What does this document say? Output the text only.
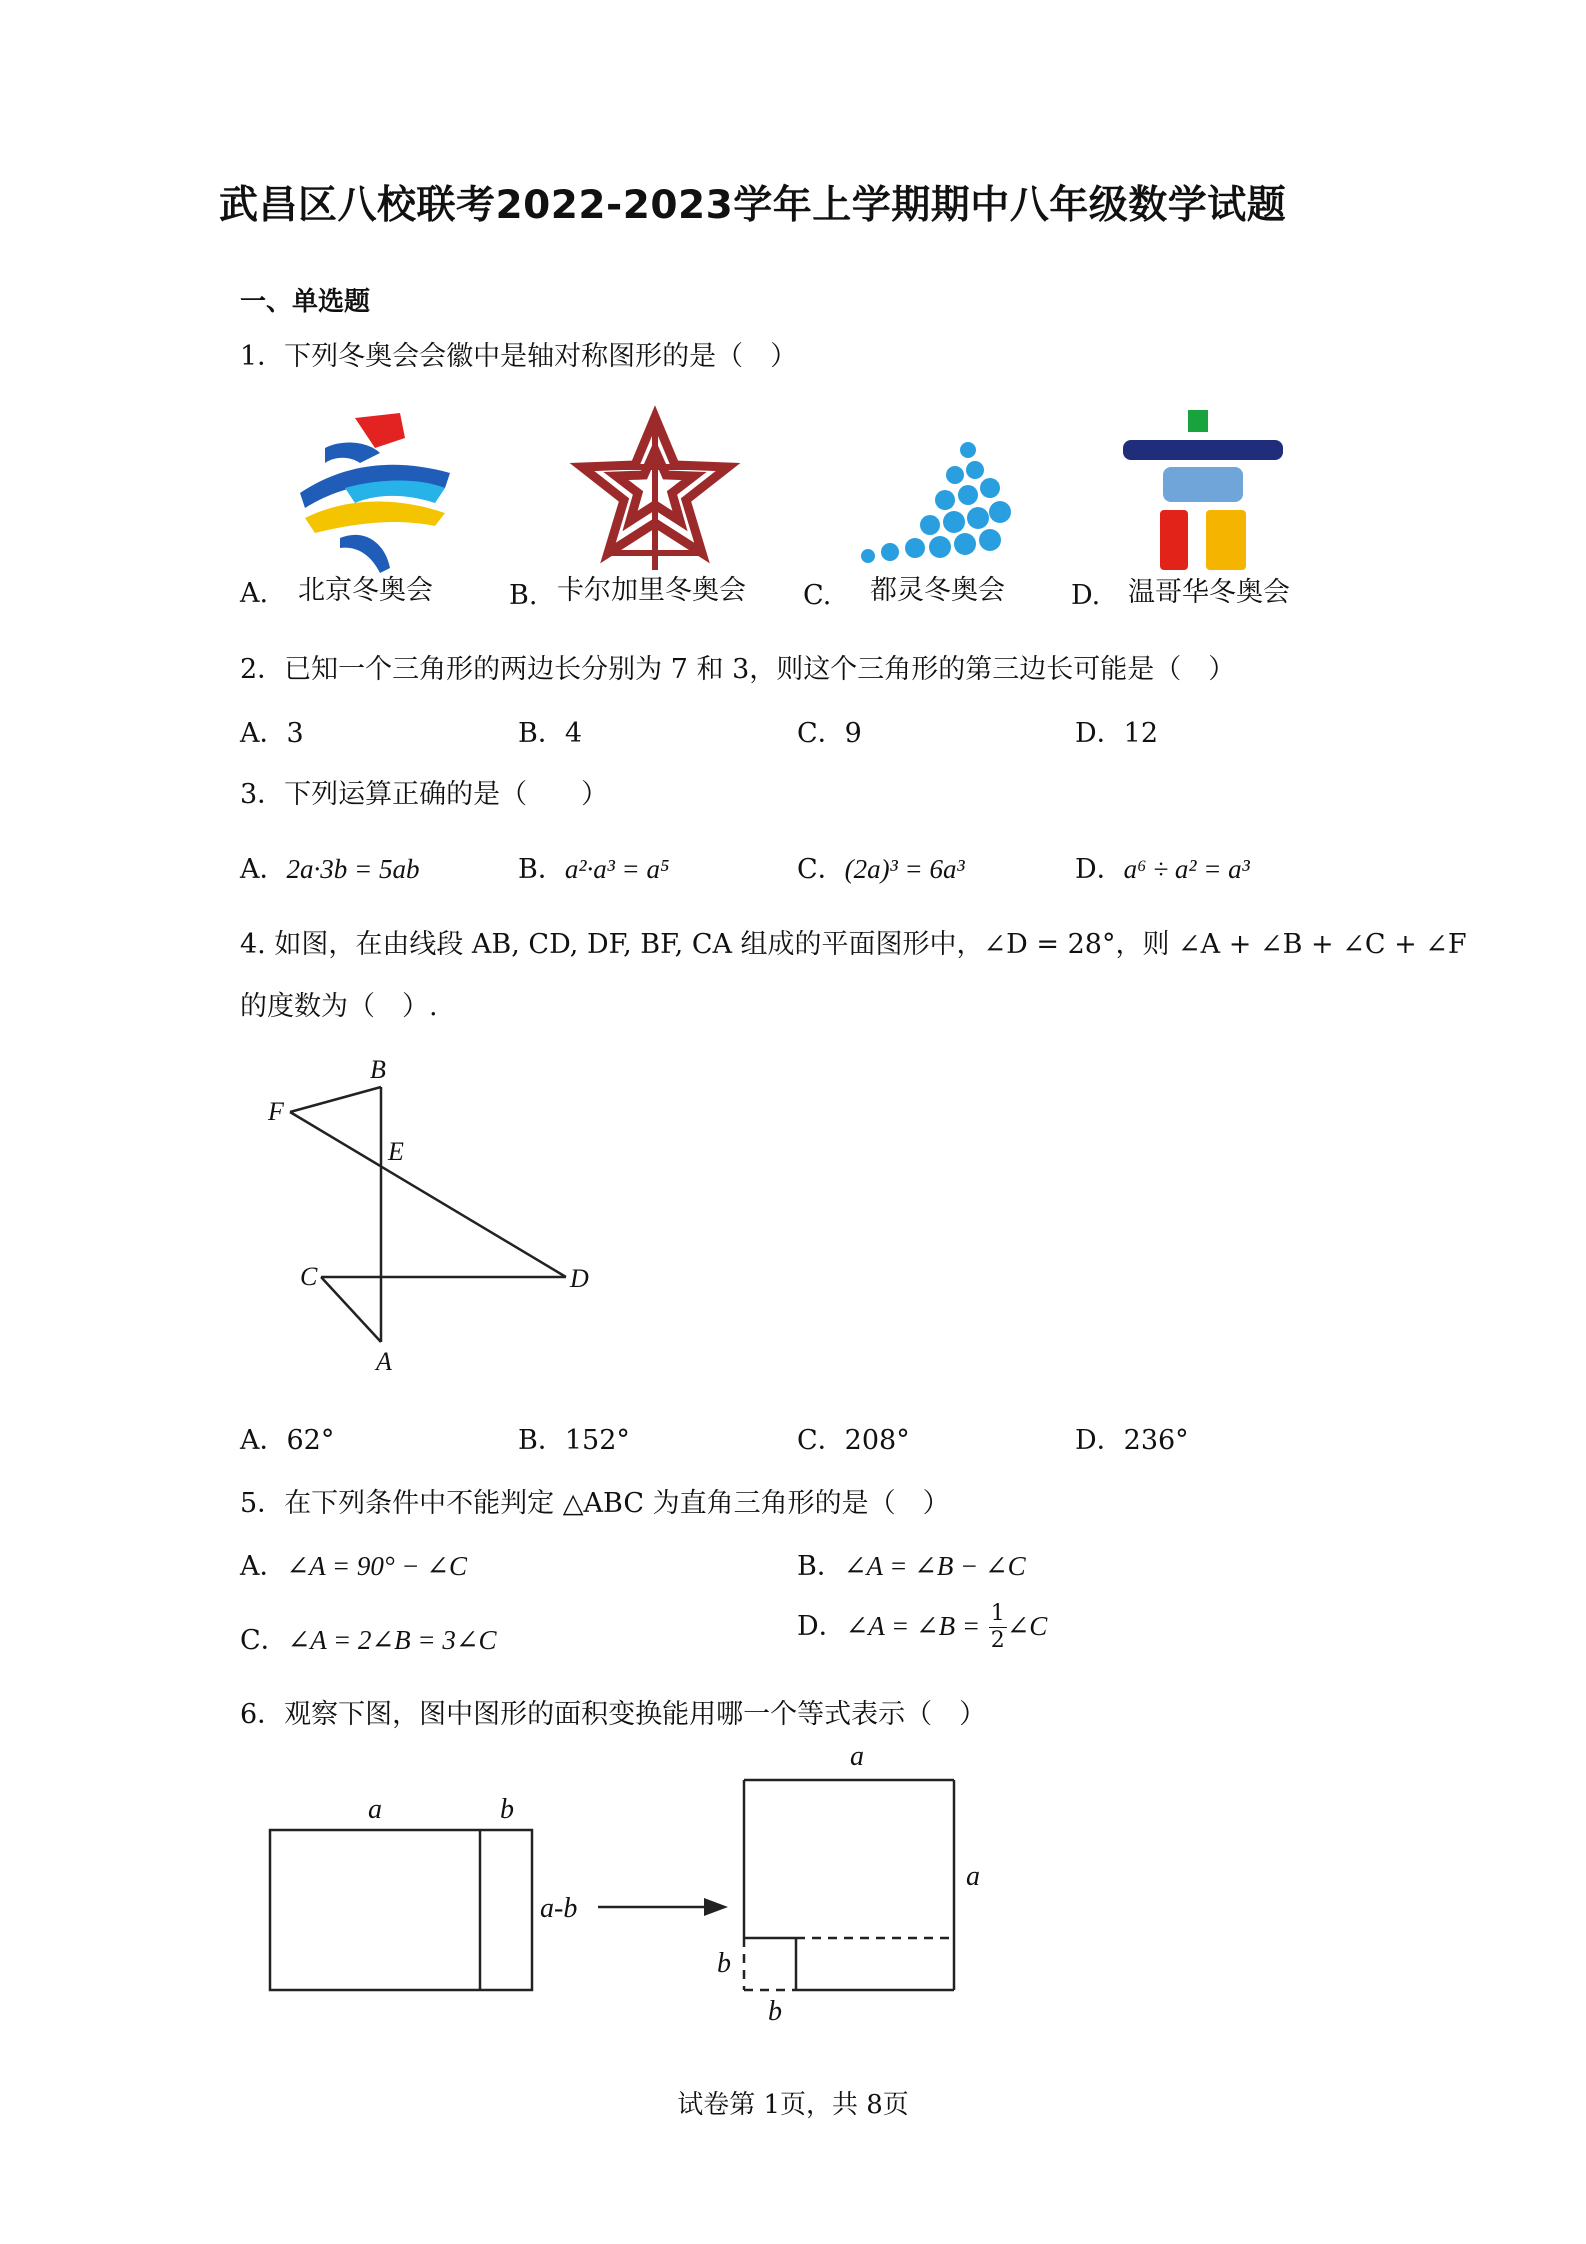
武昌区八校联考2022-2023学年上学期期中八年级数学试题
一、单选题
1．下列冬奥会会徽中是轴对称图形的是（　）
A. 北京冬奥会	B. 卡尔加里冬奥会 C. 都灵冬奥会 D. 温哥华冬奥会
2．已知一个三角形的两边长分别为 7 和 3，则这个三角形的第三边长可能是（　）
A．3	B．4	C．9	D．12
3．下列运算正确的是（　　）
A．2a·3b = 5ab	B．a²·a³ = a⁵	C．(2a)³ = 6a³	D．a⁶ ÷ a² = a³
4. 如图，在由线段 AB, CD, DF, BF, CA 组成的平面图形中，∠D = 28°，则 ∠A + ∠B + ∠C + ∠F
的度数为（　）.
B
F
E
C	D
A
A．62°	B．152°	C．208°	D．236°
5．在下列条件中不能判定 △ABC 为直角三角形的是（　）
A．∠A = 90° − ∠C	B．∠A = ∠B − ∠C
C．∠A = 2∠B = 3∠C	D．∠A = ∠B = $\frac{1}{2}$ ∠C
6．观察下图，图中图形的面积变换能用哪一个等式表示（　）
a	b
a-b
a
a
b
b
试卷第 1页，共 8页
